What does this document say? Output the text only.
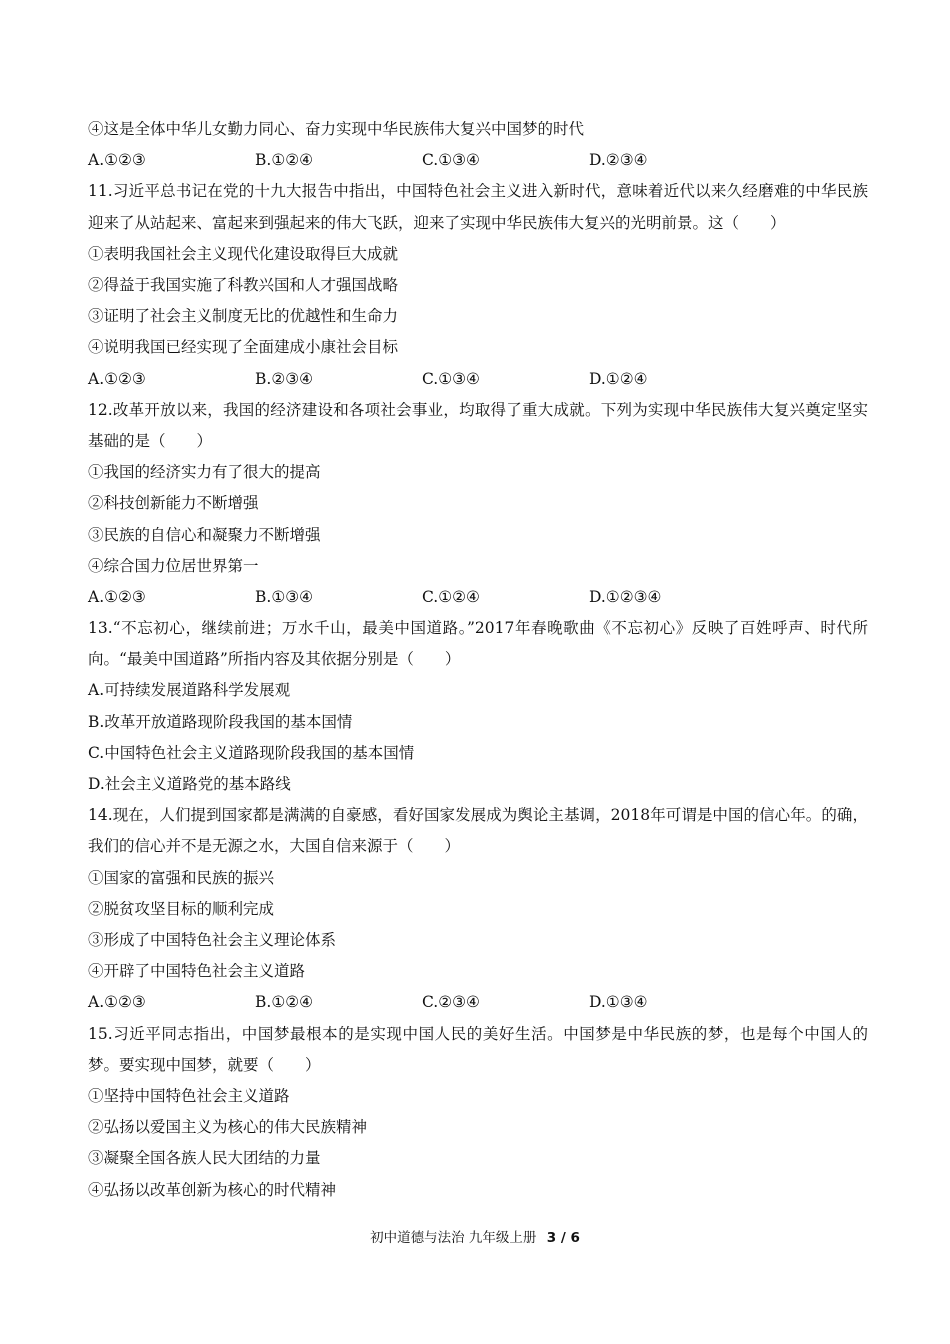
④这是全体中华儿女勤力同心、奋力实现中华民族伟大复兴中国梦的时代
A.①②③	B.①②④	C.①③④	D.②③④
11.习近平总书记在党的十九大报告中指出，中国特色社会主义进入新时代，意味着近代以来久经磨难的中华民族迎来了从站起来、富起来到强起来的伟大飞跃，迎来了实现中华民族伟大复兴的光明前景。这（　　）
①表明我国社会主义现代化建设取得巨大成就
②得益于我国实施了科教兴国和人才强国战略
③证明了社会主义制度无比的优越性和生命力
④说明我国已经实现了全面建成小康社会目标
A.①②③	B.②③④	C.①③④	D.①②④
12.改革开放以来，我国的经济建设和各项社会事业，均取得了重大成就。下列为实现中华民族伟大复兴奠定坚实基础的是（　　）
①我国的经济实力有了很大的提高
②科技创新能力不断增强
③民族的自信心和凝聚力不断增强
④综合国力位居世界第一
A.①②③	B.①③④	C.①②④	D.①②③④
13.“不忘初心，继续前进；万水千山，最美中国道路。”2017年春晚歌曲《不忘初心》反映了百姓呼声、时代所向。“最美中国道路”所指内容及其依据分别是（　　）
A.可持续发展道路科学发展观
B.改革开放道路现阶段我国的基本国情
C.中国特色社会主义道路现阶段我国的基本国情
D.社会主义道路党的基本路线
14.现在，人们提到国家都是满满的自豪感，看好国家发展成为舆论主基调，2018年可谓是中国的信心年。的确，我们的信心并不是无源之水，大国自信来源于（　　）
①国家的富强和民族的振兴
②脱贫攻坚目标的顺利完成
③形成了中国特色社会主义理论体系
④开辟了中国特色社会主义道路
A.①②③	B.①②④	C.②③④	D.①③④
15.习近平同志指出，中国梦最根本的是实现中国人民的美好生活。中国梦是中华民族的梦，也是每个中国人的梦。要实现中国梦，就要（　　）
①坚持中国特色社会主义道路
②弘扬以爱国主义为核心的伟大民族精神
③凝聚全国各族人民大团结的力量
④弘扬以改革创新为核心的时代精神
初中道德与法治 九年级上册 3 / 6
